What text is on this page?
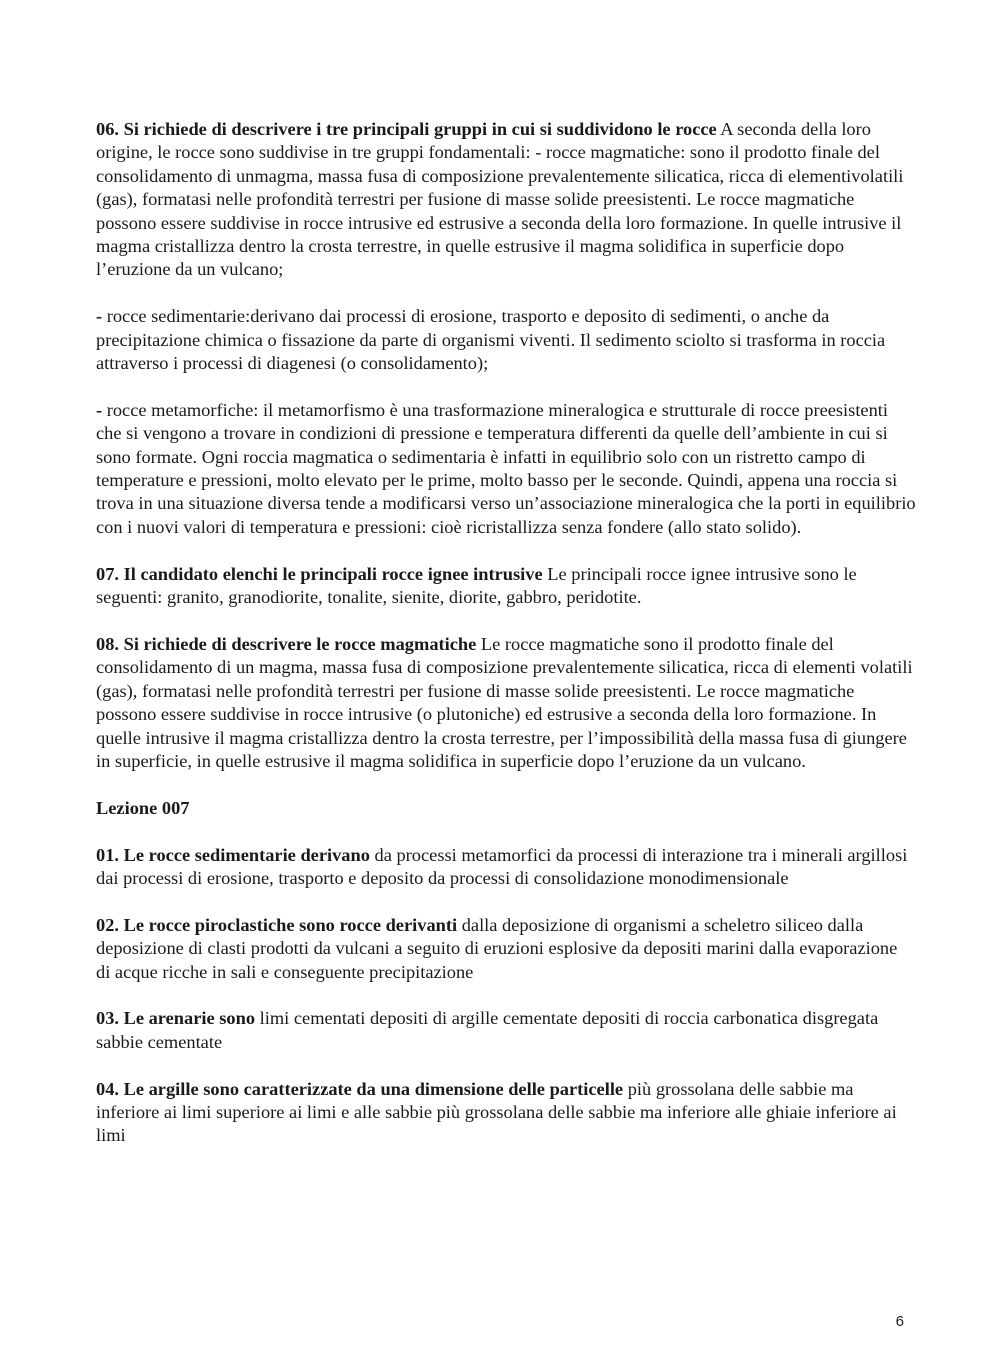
06. Si richiede di descrivere i tre principali gruppi in cui si suddividono le rocce A seconda della loro origine, le rocce sono suddivise in tre gruppi fondamentali: - rocce magmatiche: sono il prodotto finale del consolidamento di unmagma, massa fusa di composizione prevalentemente silicatica, ricca di elementivolatili (gas), formatasi nelle profondità terrestri per fusione di masse solide preesistenti. Le rocce magmatiche possono essere suddivise in rocce intrusive ed estrusive a seconda della loro formazione. In quelle intrusive il magma cristallizza dentro la crosta terrestre, in quelle estrusive il magma solidifica in superficie dopo l’eruzione da un vulcano;

- rocce sedimentarie:derivano dai processi di erosione, trasporto e deposito di sedimenti, o anche da precipitazione chimica o fissazione da parte di organismi viventi. Il sedimento sciolto si trasforma in roccia attraverso i processi di diagenesi (o consolidamento);

- rocce metamorfiche: il metamorfismo è una trasformazione mineralogica e strutturale di rocce preesistenti che si vengono a trovare in condizioni di pressione e temperatura differenti da quelle dell’ambiente in cui si sono formate. Ogni roccia magmatica o sedimentaria è infatti in equilibrio solo con un ristretto campo di temperature e pressioni, molto elevato per le prime, molto basso per le seconde. Quindi, appena una roccia si trova in una situazione diversa tende a modificarsi verso un’associazione mineralogica che la porti in equilibrio con i nuovi valori di temperatura e pressioni: cioè ricristallizza senza fondere (allo stato solido).

07. Il candidato elenchi le principali rocce ignee intrusive Le principali rocce ignee intrusive sono le seguenti: granito, granodiorite, tonalite, sienite, diorite, gabbro, peridotite.

08. Si richiede di descrivere le rocce magmatiche Le rocce magmatiche sono il prodotto finale del consolidamento di un magma, massa fusa di composizione prevalentemente silicatica, ricca di elementi volatili (gas), formatasi nelle profondità terrestri per fusione di masse solide preesistenti. Le rocce magmatiche possono essere suddivise in rocce intrusive (o plutoniche) ed estrusive a seconda della loro formazione. In quelle intrusive il magma cristallizza dentro la crosta terrestre, per l’impossibilità della massa fusa di giungere in superficie, in quelle estrusive il magma solidifica in superficie dopo l’eruzione da un vulcano.

Lezione 007

01. Le rocce sedimentarie derivano da processi metamorfici da processi di interazione tra i minerali argillosi dai processi di erosione, trasporto e deposito da processi di consolidazione monodimensionale

02. Le rocce piroclastiche sono rocce derivanti dalla deposizione di organismi a scheletro siliceo dalla deposizione di clasti prodotti da vulcani a seguito di eruzioni esplosive da depositi marini dalla evaporazione di acque ricche in sali e conseguente precipitazione

03. Le arenarie sono limi cementati depositi di argille cementate depositi di roccia carbonatica disgregata sabbie cementate

04. Le argille sono caratterizzate da una dimensione delle particelle più grossolana delle sabbie ma inferiore ai limi superiore ai limi e alle sabbie più grossolana delle sabbie ma inferiore alle ghiaie inferiore ai limi

6
